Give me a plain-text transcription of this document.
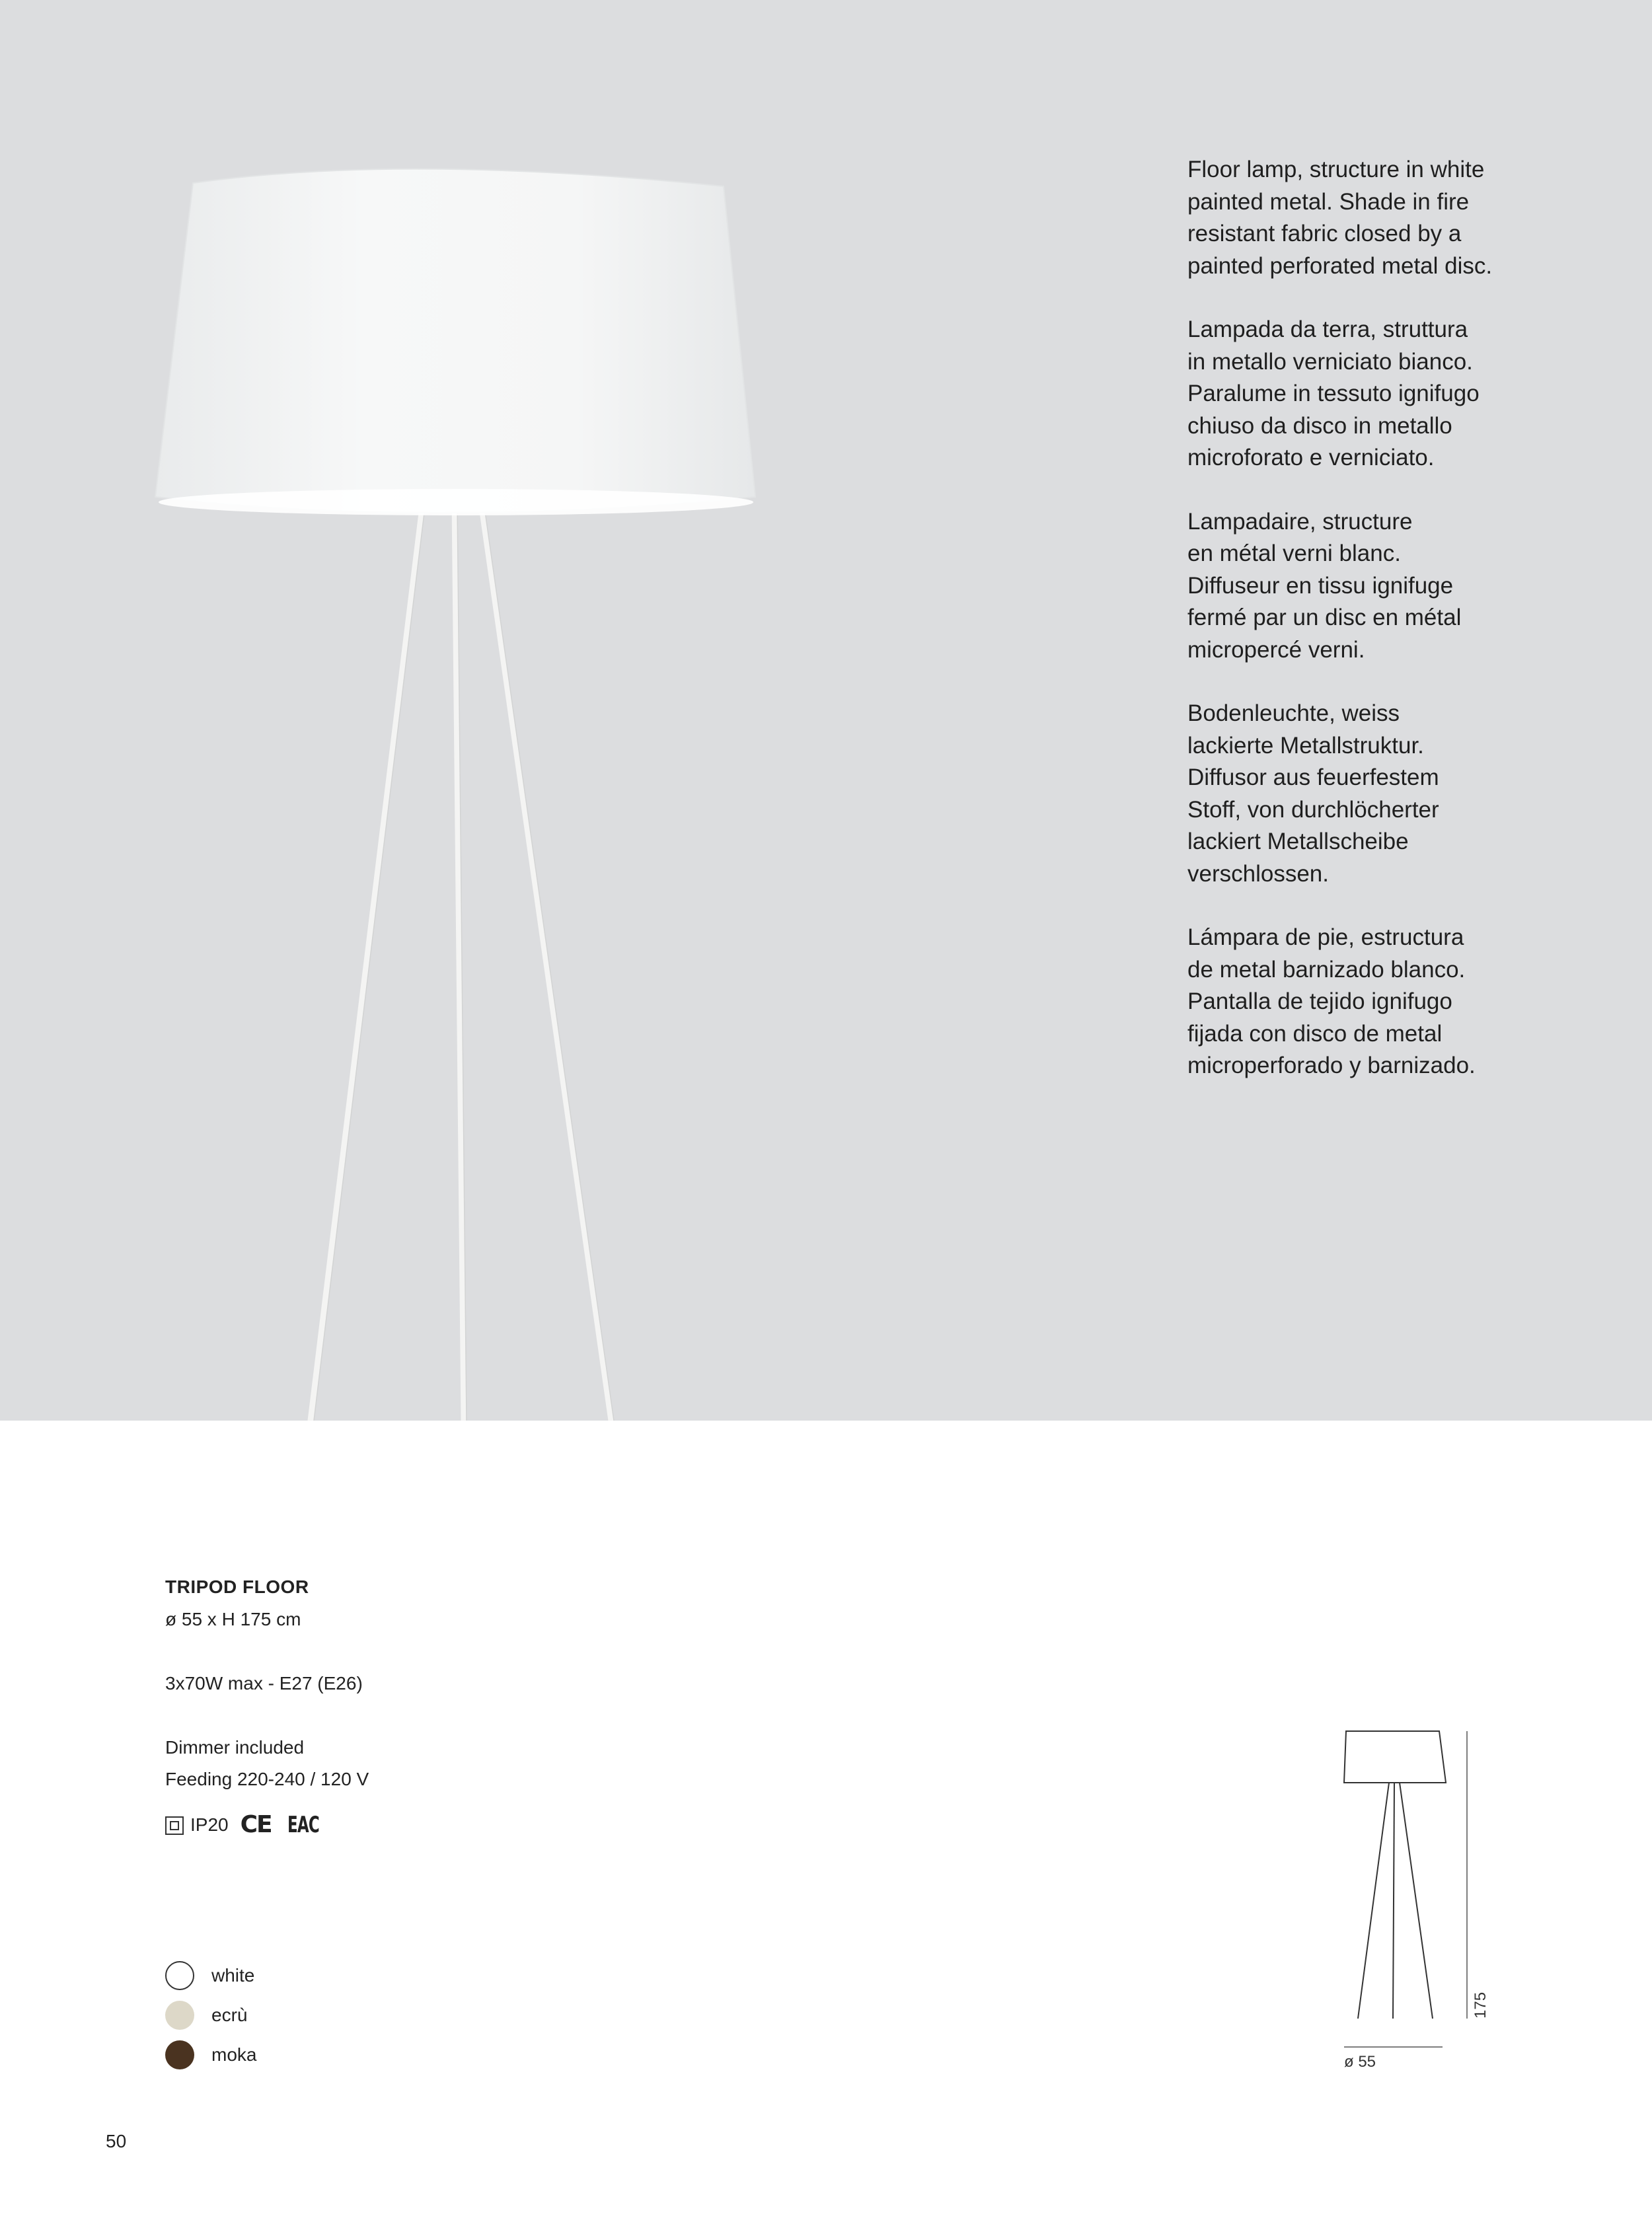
Floor lamp, structure in white
painted metal. Shade in fire
resistant fabric closed by a
painted perforated metal disc.

Lampada da terra, struttura
in metallo verniciato bianco.
Paralume in tessuto ignifugo
chiuso da disco in metallo
microforato e verniciato.

Lampadaire, structure
en métal verni blanc.
Diffuseur en tissu ignifuge
fermé par un disc en métal
micropercé verni.

Bodenleuchte, weiss
lackierte Metallstruktur.
Diffusor aus feuerfestem
Stoff, von durchlöcherter
lackiert Metallscheibe
verschlossen.

Lámpara de pie, estructura
de metal barnizado blanco.
Pantalla de tejido ignifugo
fijada con disco de metal
microperforado y barnizado.

TRIPOD FLOOR
ø 55 x H 175 cm
3x70W max - E27 (E26)
Dimmer included
Feeding 220-240 / 120 V
IP20 CE EAC
white
ecrù
moka
175
ø 55
50
